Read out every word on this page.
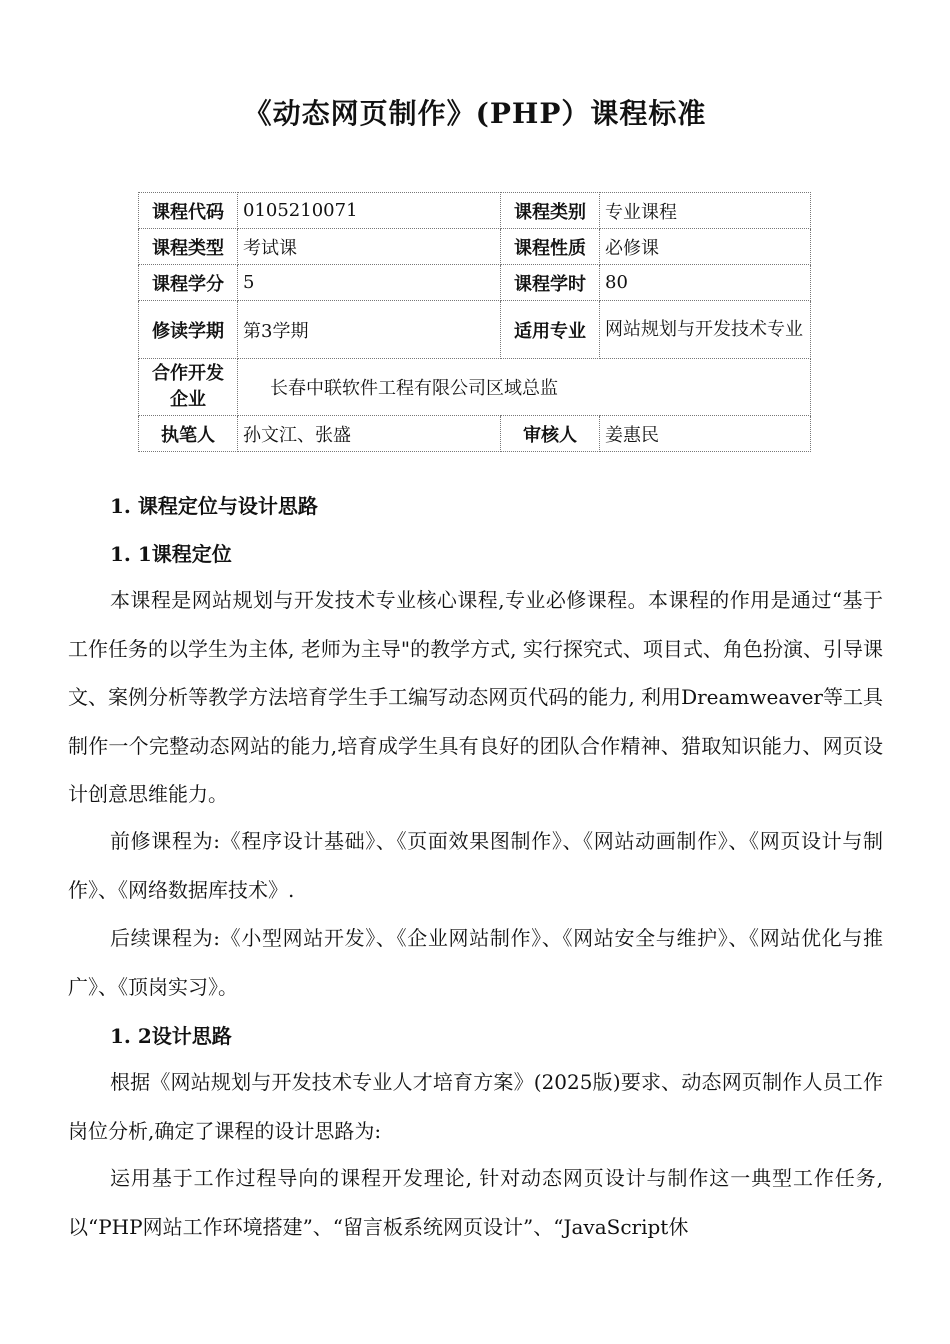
《动态网页制作》(PHP）课程标准
课程代码	0105210071	课程类别	专业课程
课程类型	考试课	课程性质	必修课
课程学分	5	课程学时	80
修读学期	第3学期	适用专业	网站规划与开发技术专业
合作开发企业	长春中联软件工程有限公司区域总监		
执笔人	孙文江、张盛	审核人	姜惠民
1. 课程定位与设计思路
1. 1课程定位

本课程是网站规划与开发技术专业核心课程,专业必修课程。本课程的作用是通过“基于工作任务的以学生为主体, 老师为主导"的教学方式, 实行探究式、项目式、角色扮演、引导课文、案例分析等教学方法培育学生手工编写动态网页代码的能力, 利用Dreamweaver等工具制作一个完整动态网站的能力,培育成学生具有良好的团队合作精神、猎取知识能力、网页设计创意思维能力。

前修课程为:《程序设计基础》、《页面效果图制作》、《网站动画制作》、《网页设计与制作》、《网络数据库技术》.

后续课程为:《小型网站开发》、《企业网站制作》、《网站安全与维护》、《网站优化与推广》、《顶岗实习》。

1. 2设计思路

根据《网站规划与开发技术专业人才培育方案》(2025版)要求、动态网页制作人员工作岗位分析,确定了课程的设计思路为:

运用基于工作过程导向的课程开发理论, 针对动态网页设计与制作这一典型工作任务,以“PHP网站工作环境搭建”、“留言板系统网页设计”、“JavaScript休
